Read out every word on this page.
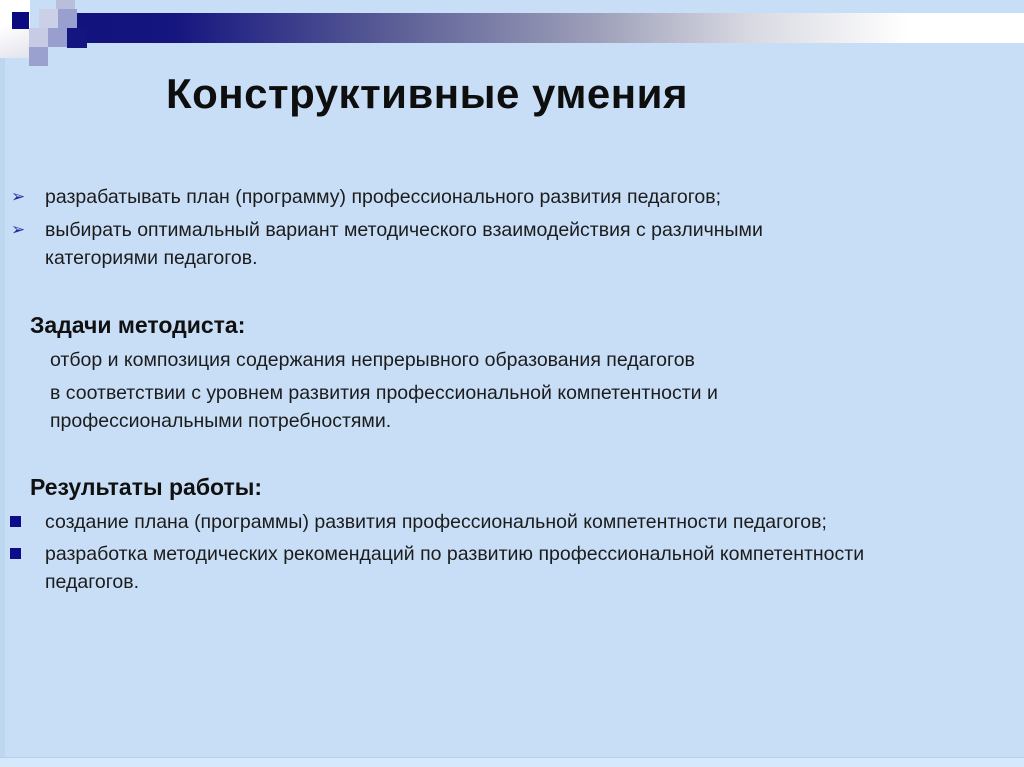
Конструктивные умения
➢ разрабатывать план (программу) профессионального развития педагогов;
➢ выбирать оптимальный вариант методического взаимодействия с различными
категориями педагогов.
Задачи методиста:
отбор и композиция содержания непрерывного образования педагогов
в соответствии с уровнем развития профессиональной компетентности и
профессиональными потребностями.
Результаты работы:
создание плана (программы) развития профессиональной компетентности педагогов;
разработка методических рекомендаций по развитию профессиональной компетентности
педагогов.
